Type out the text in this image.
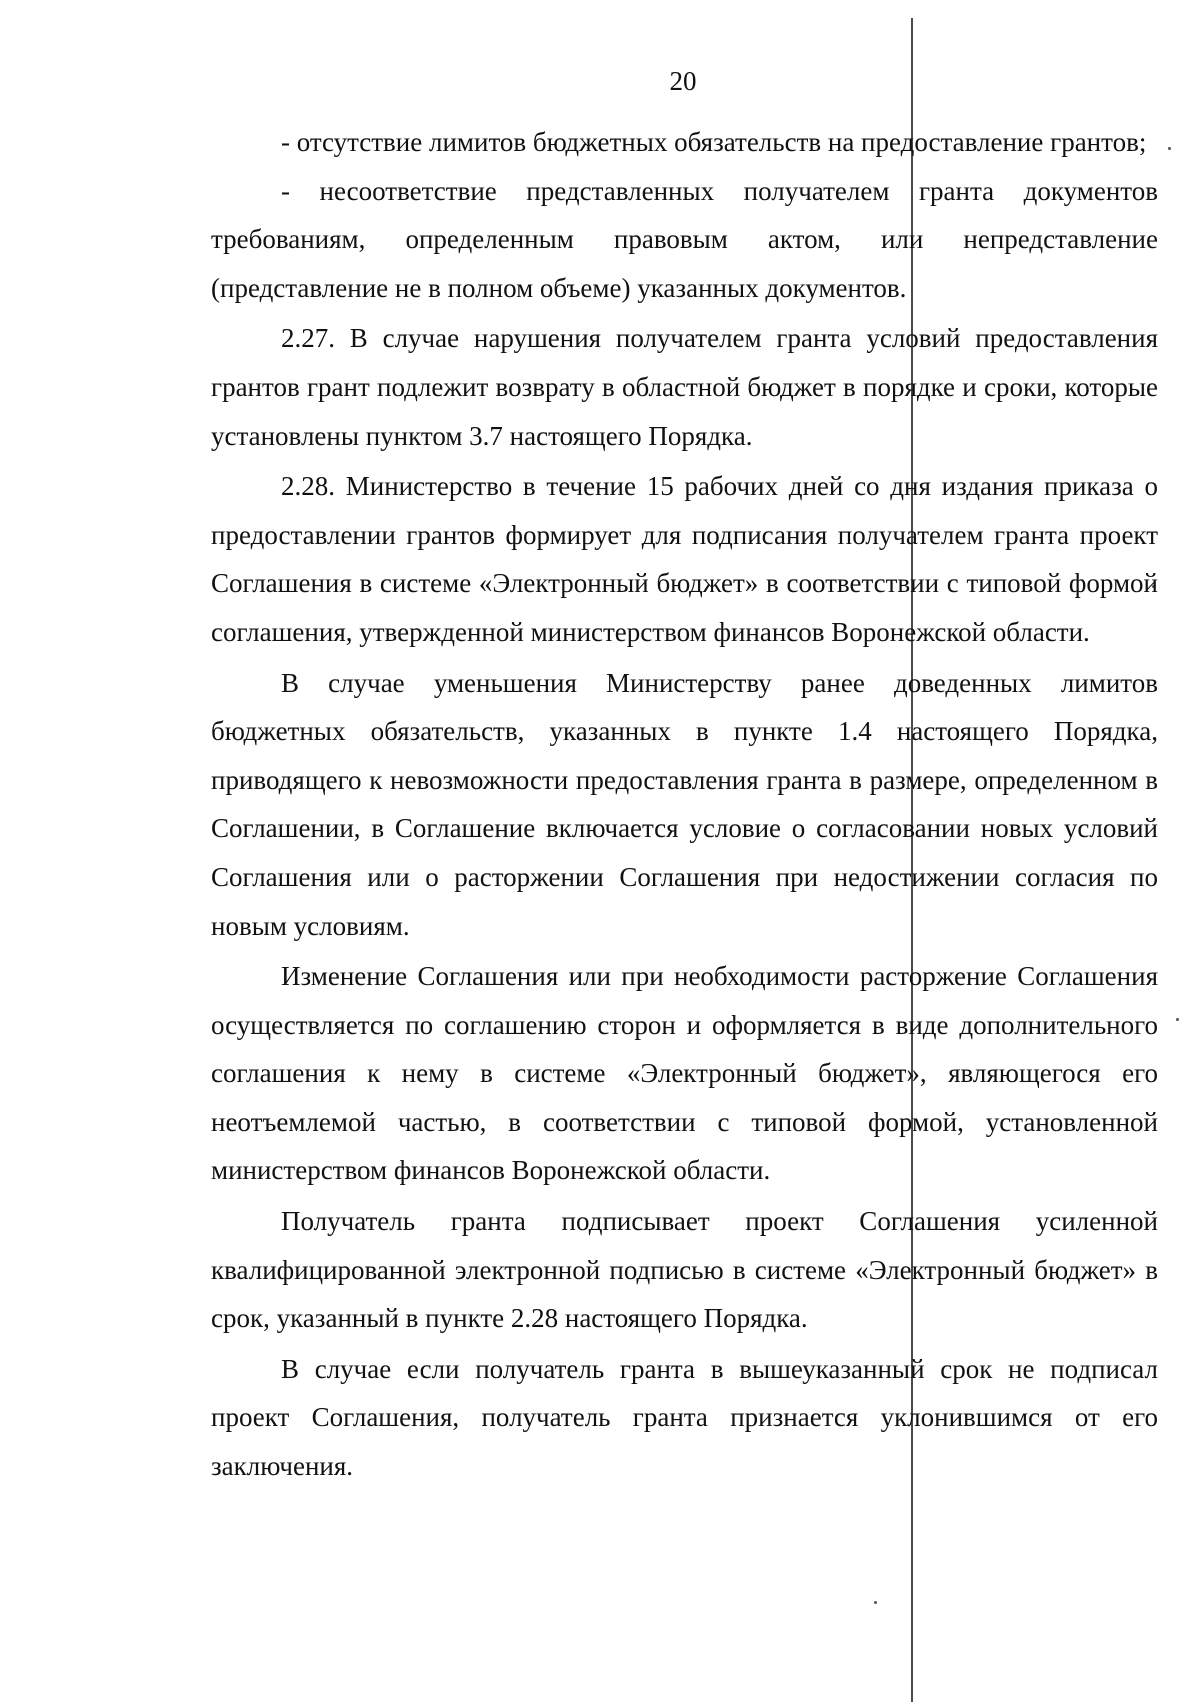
20

- отсутствие лимитов бюджетных обязательств на предоставление грантов;

- несоответствие представленных получателем гранта документов требованиям, определенным правовым актом, или непредставление (представление не в полном объеме) указанных документов.

2.27. В случае нарушения получателем гранта условий предоставления грантов грант подлежит возврату в областной бюджет в порядке и сроки, которые установлены пунктом 3.7 настоящего Порядка.

2.28. Министерство в течение 15 рабочих дней со дня издания приказа о предоставлении грантов формирует для подписания получателем гранта проект Соглашения в системе «Электронный бюджет» в соответствии с типовой формой соглашения, утвержденной министерством финансов Воронежской области.

В случае уменьшения Министерству ранее доведенных лимитов бюджетных обязательств, указанных в пункте 1.4 настоящего Порядка, приводящего к невозможности предоставления гранта в размере, определенном в Соглашении, в Соглашение включается условие о согласовании новых условий Соглашения или о расторжении Соглашения при недостижении согласия по новым условиям.

Изменение Соглашения или при необходимости расторжение Соглашения осуществляется по соглашению сторон и оформляется в виде дополнительного соглашения к нему в системе «Электронный бюджет», являющегося его неотъемлемой частью, в соответствии с типовой формой, установленной министерством финансов Воронежской области.

Получатель гранта подписывает проект Соглашения усиленной квалифицированной электронной подписью в системе «Электронный бюджет» в срок, указанный в пункте 2.28 настоящего Порядка.

В случае если получатель гранта в вышеуказанный срок не подписал проект Соглашения, получатель гранта признается уклонившимся от его заключения.
